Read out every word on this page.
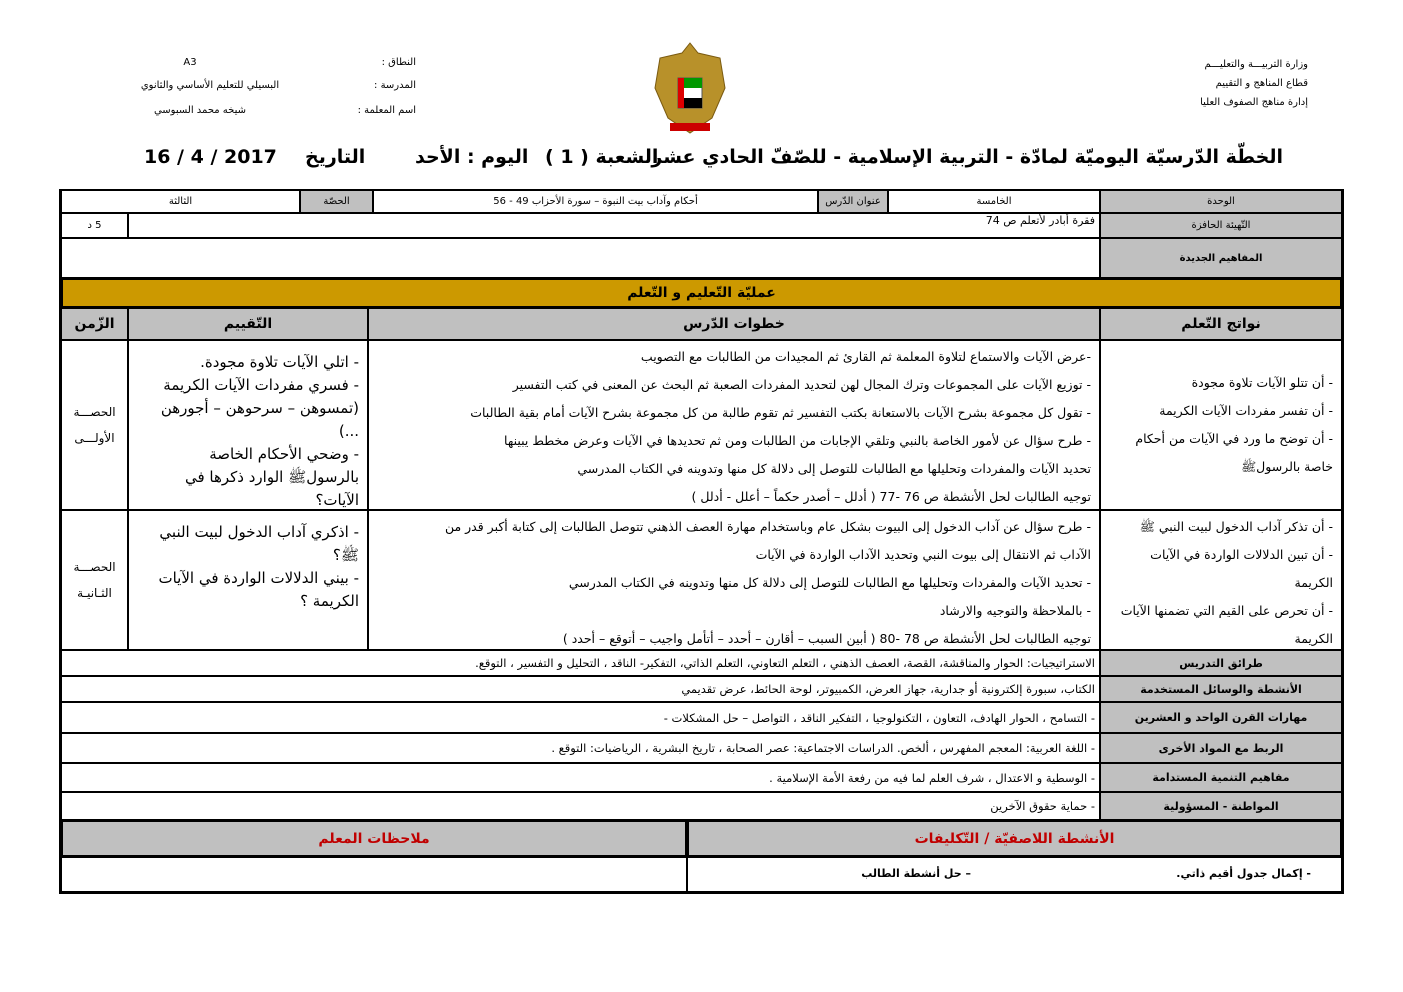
وزارة التربيـــة والتعليـــم
قطاع المناهج و التقييم
إدارة مناهج الصفوف العليا
النطاق :
A3
المدرسة :
البسيلي للتعليم الأساسي والثانوي
اسم المعلمة :
شيخه محمد السبوسي
الخطّة الدّرسيّة اليوميّة لمادّة - التربية الإسلامية - للصّفّ الحادي عشر
الشعبة ( 1 )
اليوم : الأحد
التاريخ
16 / 4 / 2017
الوحدة
الخامسة
عنوان الدّرس
أحكام وآداب بيت النبوة – سورة الأحزاب 49 - 56
الحصّة
الثالثة
التّهيئة الحافزة
فقرة أبادر لأتعلم ص 74
5 د
المفاهيم الجديدة
عمليّة التّعليم و التّعلم
نواتج التّعلم
خطوات الدّرس
التّقييم
الزّمن
- أن تتلو الآيات تلاوة مجودة
- أن تفسر مفردات الآيات الكريمة
- أن توضح ما ورد في الآيات من أحكام خاصة بالرسولﷺ
-عرض الآيات والاستماع لتلاوة المعلمة ثم القارئ ثم المجيدات من الطالبات مع التصويب
- توزيع الآيات على المجموعات وترك المجال لهن لتحديد المفردات الصعبة ثم البحث عن المعنى في كتب التفسير
- تقول كل مجموعة بشرح الآيات بالاستعانة بكتب التفسير ثم تقوم طالبة من كل مجموعة بشرح الآيات أمام بقية الطالبات
- طرح سؤال عن لأمور الخاصة بالنبي وتلقي الإجابات من الطالبات ومن ثم تحديدها في الآيات وعرض مخطط يبينها
تحديد الآيات والمفردات وتحليلها مع الطالبات للتوصل إلى دلالة كل منها وتدوينه في الكتاب المدرسي
توجيه الطالبات لحل الأنشطة ص 76 -77 ( أدلل – أصدر حكماً – أعلل - أدلل )
- اتلي الآيات تلاوة مجودة.
- فسري مفردات الآيات الكريمة (تمسوهن – سرحوهن – أجورهن ...)
- وضحي الأحكام الخاصة بالرسولﷺ الوارد ذكرها في الآيات؟
الحصـــة الأولـــى
- أن تذكر آداب الدخول لبيت النبي ﷺ
- أن تبين الدلالات الواردة في الآيات الكريمة
- أن تحرص على القيم التي تضمنها الآيات الكريمة
- طرح سؤال عن آداب الدخول إلى البيوت بشكل عام وباستخدام مهارة العصف الذهني تتوصل الطالبات إلى كتابة أكبر قدر من
الآداب ثم الانتقال إلى بيوت النبي وتحديد الآداب الواردة في الآيات
- تحديد الآيات والمفردات وتحليلها مع الطالبات للتوصل إلى دلالة كل منها وتدوينه في الكتاب المدرسي
- بالملاحظة والتوجيه والارشاد
توجيه الطالبات لحل الأنشطة ص 78 -80 ( أبين السبب – أقارن – أحدد – أتأمل واجيب – أتوقع – أحدد )
- اذكري آداب الدخول لبيت النبي ﷺ؟
- بيني الدلالات الواردة في الآيات الكريمة ؟
الحصـــة الثـانيـة
طرائق التدريس
الاستراتيجيات: الحوار والمناقشة، القصة، العصف الذهني ، التعلم التعاوني، التعلم الذاتي، التفكير- الناقد ، التحليل و التفسير ، التوقع.
الأنشطة والوسائل المستخدمة
الكتاب، سبورة إلكترونية أو جدارية، جهاز العرض، الكمبيوتر، لوحة الحائط، عرض تقديمي
مهارات القرن الواحد و العشرين
- التسامح ، الحوار الهادف، التعاون ، التكنولوجيا ، التفكير الناقد ، التواصل – حل المشكلات -
الربط مع المواد الأخرى
- اللغة العربية: المعجم المفهرس ، ألخص. الدراسات الاجتماعية: عصر الصحابة ، تاريخ البشرية ، الرياضيات: التوقع .
مفاهيم التنمية المستدامة
- الوسطية و الاعتدال ، شرف العلم لما فيه من رفعة الأمة الإسلامية .
المواطنة - المسؤولية
- حماية حقوق الآخرين
الأنشطة اللاصفيّة / التّكليفات
ملاحظات المعلم
- إكمال جدول أقيم ذاتي.
– حل أنشطة الطالب
